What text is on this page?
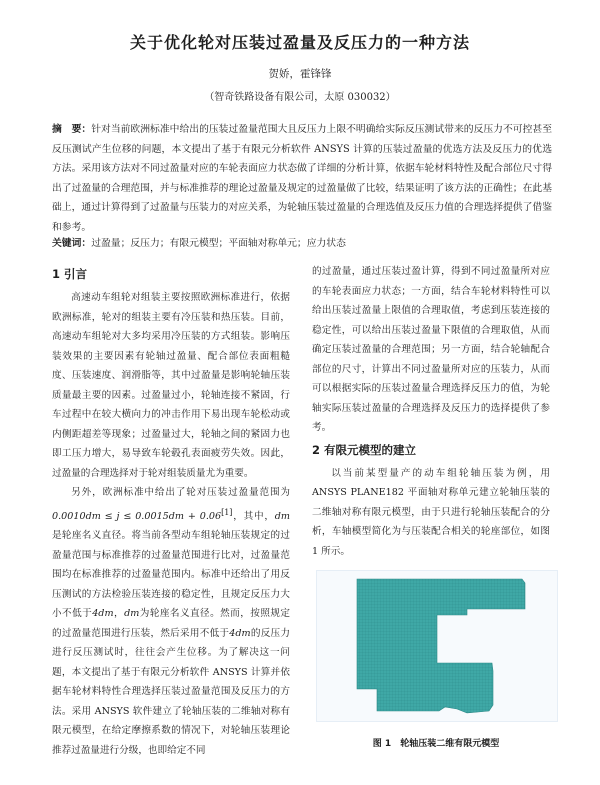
关于优化轮对压装过盈量及反压力的一种方法
贺娇，霍锋锋
（智奇铁路设备有限公司，太原 030032）
摘　要：针对当前欧洲标准中给出的压装过盈量范围大且反压力上限不明确给实际反压测试带来的反压力不可控甚至反压测试产生位移的问题，本文提出了基于有限元分析软件 ANSYS 计算的压装过盈量的优选方法及反压力的优选方法。采用该方法对不同过盈量对应的车轮表面应力状态做了详细的分析计算，依据车轮材料特性及配合部位尺寸得出了过盈量的合理范围，并与标准推荐的理论过盈量及规定的过盈量做了比较，结果证明了该方法的正确性；在此基础上，通过计算得到了过盈量与压装力的对应关系，为轮轴压装过盈量的合理选值及反压力值的合理选择提供了借鉴和参考。
关键词：过盈量；反压力；有限元模型；平面轴对称单元；应力状态
1 引言

高速动车组轮对组装主要按照欧洲标准进行，依据欧洲标准，轮对的组装主要有冷压装和热压装。目前，高速动车组轮对大多均采用冷压装的方式组装。影响压装效果的主要因素有轮轴过盈量、配合部位表面粗糙度、压装速度、润滑脂等，其中过盈量是影响轮轴压装质量最主要的因素。过盈量过小，轮轴连接不紧固，行车过程中在较大横向力的冲击作用下易出现车轮松动或内侧距超差等现象；过盈量过大，轮轴之间的紧固力也即工压力增大，易导致车轮毂孔表面疲劳失效。因此，过盈量的合理选择对于轮对组装质量尤为重要。

另外，欧洲标准中给出了轮对压装过盈量范围为0.0010dm ≤ j ≤ 0.0015dm + 0.06[1]，其中，dm是轮座名义直径。将当前各型动车组轮轴压装规定的过盈量范围与标准推荐的过盈量范围进行比对，过盈量范围均在标准推荐的过盈量范围内。标准中还给出了用反压测试的方法检验压装连接的稳定性，且规定反压力大小不低于4dm，dm为轮座名义直径。然而，按照规定的过盈量范围进行压装，然后采用不低于4dm的反压力进行反压测试时，往往会产生位移。为了解决这一问题，本文提出了基于有限元分析软件 ANSYS 计算并依据车轮材料特性合理选择压装过盈量范围及反压力的方法。采用 ANSYS 软件建立了轮轴压装的二维轴对称有限元模型，在给定摩擦系数的情况下，对轮轴压装理论推荐过盈量进行分级，也即给定不同

的过盈量，通过压装过盈计算，得到不同过盈量所对应的车轮表面应力状态；一方面，结合车轮材料特性可以给出压装过盈量上限值的合理取值，考虑到压装连接的稳定性，可以给出压装过盈量下限值的合理取值，从而确定压装过盈量的合理范围；另一方面，结合轮轴配合部位的尺寸，计算出不同过盈量所对应的压装力，从而可以根据实际的压装过盈量合理选择反压力的值，为轮轴实际压装过盈量的合理选择及反压力的选择提供了参考。

2 有限元模型的建立

以当前某型量产的动车组轮轴压装为例，用 ANSYS PLANE182 平面轴对称单元建立轮轴压装的二维轴对称有限元模型，由于只进行轮轴压装配合的分析，车轴模型简化为与压装配合相关的轮座部位，如图 1 所示。

图 1　轮轴压装二维有限元模型
